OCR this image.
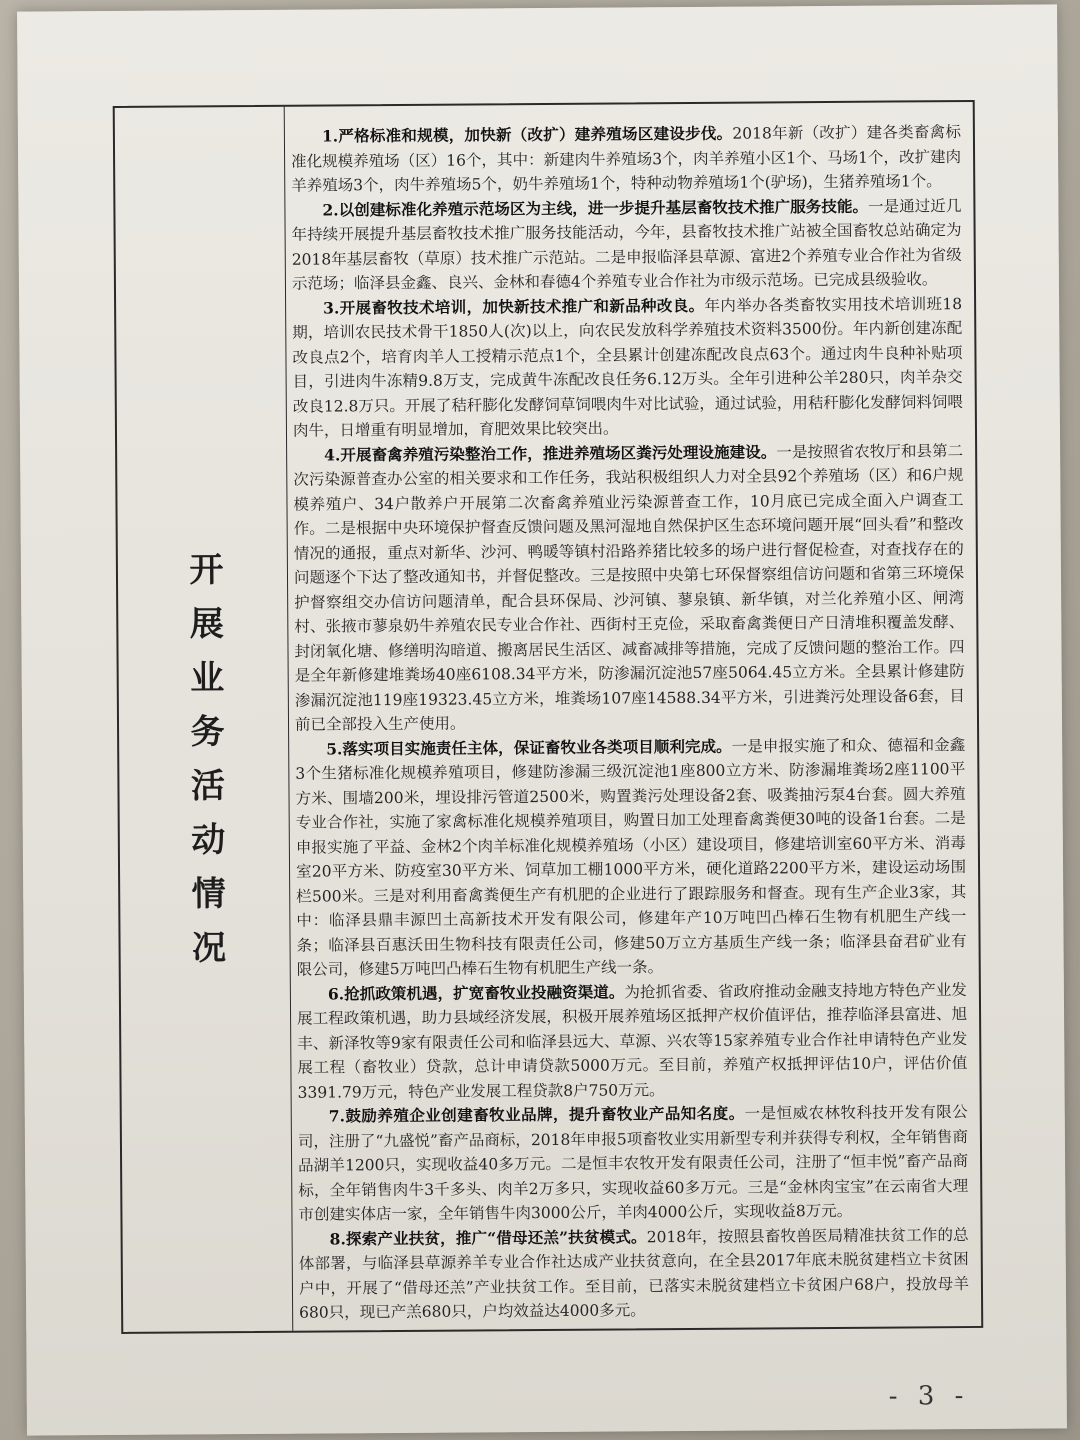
开展业务活动情况

1.严格标准和规模，加快新（改扩）建养殖场区建设步伐。2018年新（改扩）建各类畜禽标准化规模养殖场（区）16个，其中：新建肉牛养殖场3个，肉羊养殖小区1个、马场1个，改扩建肉羊养殖场3个，肉牛养殖场5个，奶牛养殖场1个，特种动物养殖场1个(驴场)，生猪养殖场1个。

2.以创建标准化养殖示范场区为主线，进一步提升基层畜牧技术推广服务技能。一是通过近几年持续开展提升基层畜牧技术推广服务技能活动，今年，县畜牧技术推广站被全国畜牧总站确定为2018年基层畜牧（草原）技术推广示范站。二是申报临泽县草源、富进2个养殖专业合作社为省级示范场；临泽县金鑫、良兴、金林和春德4个养殖专业合作社为市级示范场。已完成县级验收。

3.开展畜牧技术培训，加快新技术推广和新品种改良。年内举办各类畜牧实用技术培训班18期，培训农民技术骨干1850人(次)以上，向农民发放科学养殖技术资料3500份。年内新创建冻配改良点2个，培育肉羊人工授精示范点1个，全县累计创建冻配改良点63个。通过肉牛良种补贴项目，引进肉牛冻精9.8万支，完成黄牛冻配改良任务6.12万头。全年引进种公羊280只，肉羊杂交改良12.8万只。开展了秸秆膨化发酵饲草饲喂肉牛对比试验，通过试验，用秸秆膨化发酵饲料饲喂肉牛，日增重有明显增加，育肥效果比较突出。

4.开展畜禽养殖污染整治工作，推进养殖场区粪污处理设施建设。一是按照省农牧厅和县第二次污染源普查办公室的相关要求和工作任务，我站积极组织人力对全县92个养殖场（区）和6户规模养殖户、34户散养户开展第二次畜禽养殖业污染源普查工作，10月底已完成全面入户调查工作。二是根据中央环境保护督查反馈问题及黑河湿地自然保护区生态环境问题开展“回头看”和整改情况的通报，重点对新华、沙河、鸭暖等镇村沿路养猪比较多的场户进行督促检查，对查找存在的问题逐个下达了整改通知书，并督促整改。三是按照中央第七环保督察组信访问题和省第三环境保护督察组交办信访问题清单，配合县环保局、沙河镇、蓼泉镇、新华镇，对兰化养殖小区、闸湾村、张掖市蓼泉奶牛养殖农民专业合作社、西街村王克俭，采取畜禽粪便日产日清堆积覆盖发酵、封闭氧化塘、修缮明沟暗道、搬离居民生活区、减畜减排等措施，完成了反馈问题的整治工作。四是全年新修建堆粪场40座6108.34平方米，防渗漏沉淀池57座5064.45立方米。全县累计修建防渗漏沉淀池119座19323.45立方米，堆粪场107座14588.34平方米，引进粪污处理设备6套，目前已全部投入生产使用。

5.落实项目实施责任主体，保证畜牧业各类项目顺利完成。一是申报实施了和众、德福和金鑫3个生猪标准化规模养殖项目，修建防渗漏三级沉淀池1座800立方米、防渗漏堆粪场2座1100平方米、围墙200米，埋设排污管道2500米，购置粪污处理设备2套、吸粪抽污泵4台套。圆大养殖专业合作社，实施了家禽标准化规模养殖项目，购置日加工处理畜禽粪便30吨的设备1台套。二是申报实施了平益、金林2个肉羊标准化规模养殖场（小区）建设项目，修建培训室60平方米、消毒室20平方米、防疫室30平方米、饲草加工棚1000平方米，硬化道路2200平方米，建设运动场围栏500米。三是对利用畜禽粪便生产有机肥的企业进行了跟踪服务和督查。现有生产企业3家，其中：临泽县鼎丰源凹土高新技术开发有限公司，修建年产10万吨凹凸棒石生物有机肥生产线一条；临泽县百惠沃田生物科技有限责任公司，修建50万立方基质生产线一条；临泽县奋君矿业有限公司，修建5万吨凹凸棒石生物有机肥生产线一条。

6.抢抓政策机遇，扩宽畜牧业投融资渠道。为抢抓省委、省政府推动金融支持地方特色产业发展工程政策机遇，助力县域经济发展，积极开展养殖场区抵押产权价值评估，推荐临泽县富进、旭丰、新泽牧等9家有限责任公司和临泽县远大、草源、兴农等15家养殖专业合作社申请特色产业发展工程（畜牧业）贷款，总计申请贷款5000万元。至目前，养殖产权抵押评估10户，评估价值3391.79万元，特色产业发展工程贷款8户750万元。

7.鼓励养殖企业创建畜牧业品牌，提升畜牧业产品知名度。一是恒威农林牧科技开发有限公司，注册了“九盛悦”畜产品商标，2018年申报5项畜牧业实用新型专利并获得专利权，全年销售商品湖羊1200只，实现收益40多万元。二是恒丰农牧开发有限责任公司，注册了“恒丰悦”畜产品商标，全年销售肉牛3千多头、肉羊2万多只，实现收益60多万元。三是“金林肉宝宝”在云南省大理市创建实体店一家，全年销售牛肉3000公斤，羊肉4000公斤，实现收益8万元。

8.探索产业扶贫，推广“借母还羔”扶贫模式。2018年，按照县畜牧兽医局精准扶贫工作的总体部署，与临泽县草源养羊专业合作社达成产业扶贫意向，在全县2017年底未脱贫建档立卡贫困户中，开展了“借母还羔”产业扶贫工作。至目前，已落实未脱贫建档立卡贫困户68户，投放母羊680只，现已产羔680只，户均效益达4000多元。

- 3 -
